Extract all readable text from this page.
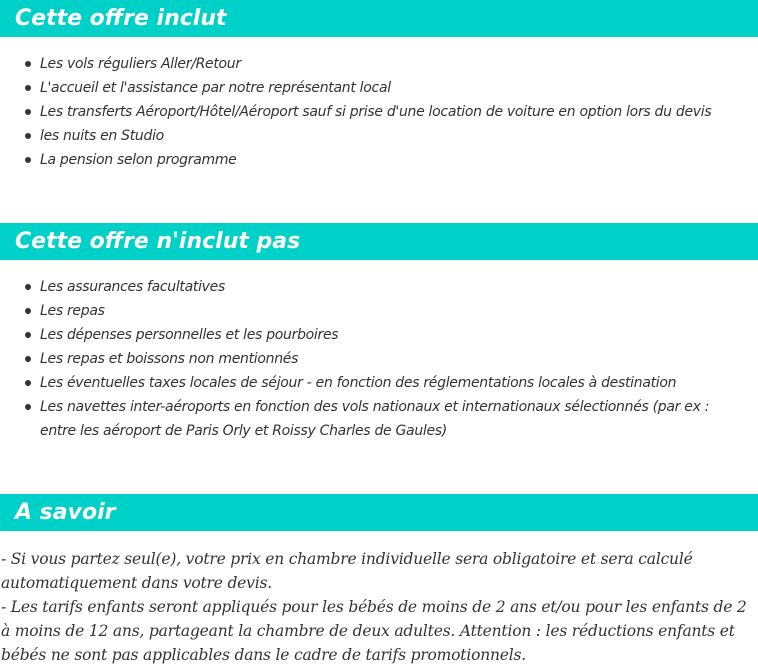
Cette offre inclut
Les vols réguliers Aller/Retour
L'accueil et l'assistance par notre représentant local
Les transferts Aéroport/Hôtel/Aéroport sauf si prise d'une location de voiture en option lors du devis
les nuits en Studio
La pension selon programme
Cette offre n'inclut pas
Les assurances facultatives
Les repas
Les dépenses personnelles et les pourboires
Les repas et boissons non mentionnés
Les éventuelles taxes locales de séjour - en fonction des réglementations locales à destination
Les navettes inter-aéroports en fonction des vols nationaux et internationaux sélectionnés (par ex : entre les aéroport de Paris Orly et Roissy Charles de Gaules)
A savoir

- Si vous partez seul(e), votre prix en chambre individuelle sera obligatoire et sera calculé automatiquement dans votre devis.

- Les tarifs enfants seront appliqués pour les bébés de moins de 2 ans et/ou pour les enfants de 2 à moins de 12 ans, partageant la chambre de deux adultes. Attention : les réductions enfants et bébés ne sont pas applicables dans le cadre de tarifs promotionnels.
